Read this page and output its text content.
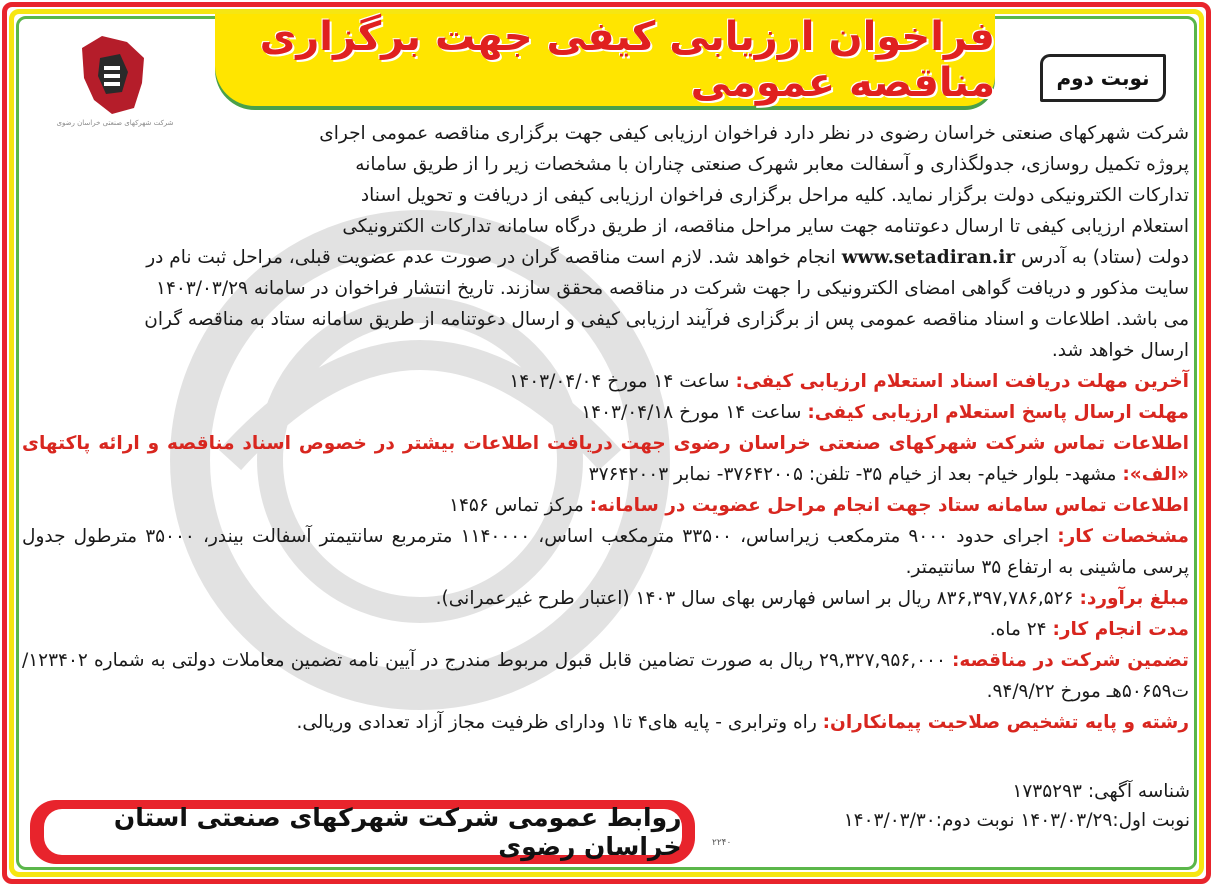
فراخوان ارزیابی کیفی جهت برگزاری مناقصه عمومی	نوبت دوم
شرکت شهرکهای صنعتی خراسان رضوی	شرکت شهرکهای صنعتی خراسان رضوی در نظر دارد فراخوان ارزیابی کیفی جهت برگزاری مناقصه عمومی اجرای

پروژه تکمیل روسازی، جدولگذاری و آسفالت معابر شهرک صنعتی چناران با مشخصات زیر را از طریق سامانه

تدارکات الکترونیکی دولت برگزار نماید. کلیه مراحل برگزاری فراخوان ارزیابی کیفی از دریافت و تحویل اسناد

استعلام ارزیابی کیفی تا ارسال دعوتنامه جهت سایر مراحل مناقصه، از طریق درگاه سامانه تدارکات الکترونیکی

دولت (ستاد) به آدرس www.setadiran.ir انجام خواهد شد. لازم است مناقصه گران در صورت عدم عضویت قبلی، مراحل ثبت نام در

سایت مذکور و دریافت گواهی امضای الکترونیکی را جهت شرکت در مناقصه محقق سازند. تاریخ انتشار فراخوان در سامانه ۱۴۰۳/۰۳/۲۹

می باشد. اطلاعات و اسناد مناقصه عمومی پس از برگزاری فرآیند ارزیابی کیفی و ارسال دعوتنامه از طریق سامانه ستاد به مناقصه گران

ارسال خواهد شد.

آخرین مهلت دریافت اسناد استعلام ارزیابی کیفی: ساعت ۱۴ مورخ ۱۴۰۳/۰۴/۰۴

مهلت ارسال پاسخ استعلام ارزیابی کیفی: ساعت ۱۴ مورخ ۱۴۰۳/۰۴/۱۸

اطلاعات تماس شرکت شهرکهای صنعتی خراسان رضوی جهت دریافت اطلاعات بیشتر در خصوص اسناد مناقصه و ارائه پاکتهای «الف»: مشهد- بلوار خیام- بعد از خیام ۳۵- تلفن: ۳۷۶۴۲۰۰۵- نمابر ۳۷۶۴۲۰۰۳

اطلاعات تماس سامانه ستاد جهت انجام مراحل عضویت در سامانه: مرکز تماس ۱۴۵۶

مشخصات کار: اجرای حدود ۹۰۰۰ مترمکعب زیراساس، ۳۳۵۰۰ مترمکعب اساس، ۱۱۴۰۰۰۰ مترمربع سانتیمتر آسفالت بیندر، ۳۵۰۰۰ مترطول جدول پرسی ماشینی به ارتفاع ۳۵ سانتیمتر.

مبلغ برآورد: ۸۳۶,۳۹۷,۷۸۶,۵۲۶ ریال بر اساس فهارس بهای سال ۱۴۰۳ (اعتبار طرح غیرعمرانی).

مدت انجام کار: ۲۴ ماه.

تضمین شرکت در مناقصه: ۲۹,۳۲۷,۹۵۶,۰۰۰ ریال به صورت تضامین قابل قبول مربوط مندرج در آیین نامه تضمین معاملات دولتی به شماره ۱۲۳۴۰۲/ت۵۰۶۵۹هـ مورخ ۹۴/۹/۲۲.

رشته و پایه تشخیص صلاحیت پیمانکاران: راه وترابری - پایه های۴ تا۱ ودارای ظرفیت مجاز آزاد تعدادی وریالی.

شناسه آگهی: ۱۷۳۵۲۹۳
نوبت اول:۱۴۰۳/۰۳/۲۹ نوبت دوم:۱۴۰۳/۰۳/۳۰
روابط عمومی شرکت شهرکهای صنعتی استان خراسان رضوی	۲۲۴۰
